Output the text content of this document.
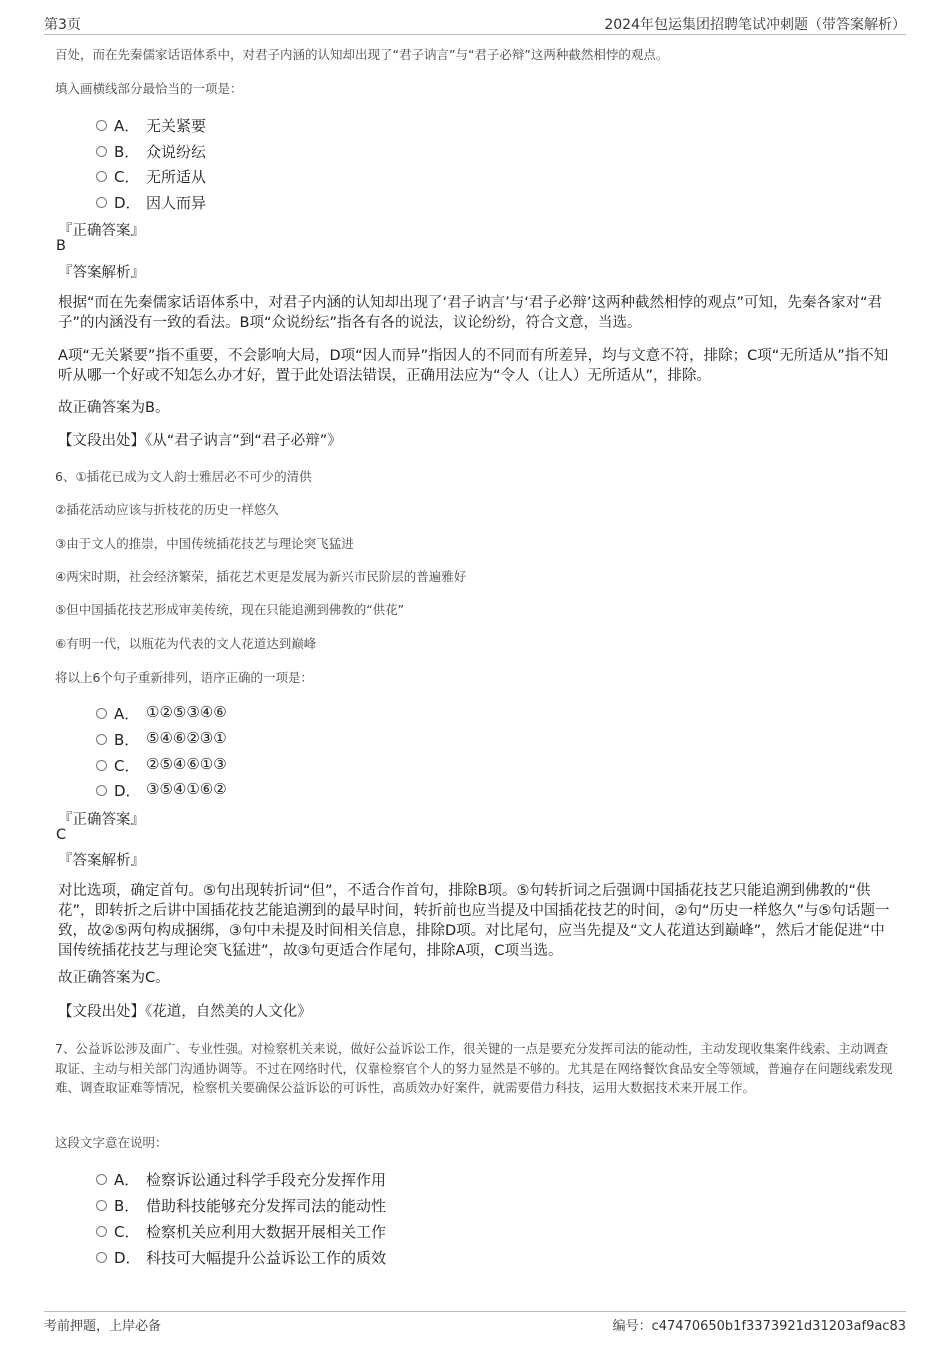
第3页	2024年包运集团招聘笔试冲刺题（带答案解析）

百处，而在先秦儒家话语体系中，对君子内涵的认知却出现了“君子讷言”与“君子必辩”这两种截然相悖的观点。

填入画横线部分最恰当的一项是：

A． 无关紧要
B． 众说纷纭
C． 无所适从
D． 因人而异

『正确答案』

B

『答案解析』

根据“而在先秦儒家话语体系中，对君子内涵的认知却出现了‘君子讷言’与‘君子必辩’这两种截然相悖的观点”可知，先秦各家对“君子”的内涵没有一致的看法。B项“众说纷纭”指各有各的说法，议论纷纷，符合文意，当选。

A项“无关紧要”指不重要，不会影响大局，D项“因人而异”指因人的不同而有所差异，均与文意不符，排除；C项“无所适从”指不知听从哪一个好或不知怎么办才好，置于此处语法错误，正确用法应为“令人（让人）无所适从”，排除。

故正确答案为B。

【文段出处】《从“君子讷言”到“君子必辩”》

6、①插花已成为文人韵士雅居必不可少的清供

②插花活动应该与折枝花的历史一样悠久

③由于文人的推崇，中国传统插花技艺与理论突飞猛进

④两宋时期，社会经济繁荣，插花艺术更是发展为新兴市民阶层的普遍雅好

⑤但中国插花技艺形成审美传统，现在只能追溯到佛教的“供花”

⑥有明一代，以瓶花为代表的文人花道达到巅峰

将以上6个句子重新排列，语序正确的一项是：

A． ①②⑤③④⑥
B． ⑤④⑥②③①
C． ②⑤④⑥①③
D． ③⑤④①⑥②

『正确答案』

C

『答案解析』

对比选项，确定首句。⑤句出现转折词“但”，不适合作首句，排除B项。⑤句转折词之后强调中国插花技艺只能追溯到佛教的“供花”，即转折之后讲中国插花技艺能追溯到的最早时间，转折前也应当提及中国插花技艺的时间，②句“历史一样悠久”与⑤句话题一致，故②⑤两句构成捆绑，③句中未提及时间相关信息，排除D项。对比尾句，应当先提及“文人花道达到巅峰”，然后才能促进“中国传统插花技艺与理论突飞猛进”，故③句更适合作尾句，排除A项，C项当选。

故正确答案为C。

【文段出处】《花道，自然美的人文化》

7、公益诉讼涉及面广、专业性强。对检察机关来说，做好公益诉讼工作，很关键的一点是要充分发挥司法的能动性，主动发现收集案件线索、主动调查取证、主动与相关部门沟通协调等。不过在网络时代，仅靠检察官个人的努力显然是不够的。尤其是在网络餐饮食品安全等领域，普遍存在问题线索发现难、调查取证难等情况，检察机关要确保公益诉讼的可诉性，高质效办好案件，就需要借力科技，运用大数据技术来开展工作。

这段文字意在说明：

A． 检察诉讼通过科学手段充分发挥作用
B． 借助科技能够充分发挥司法的能动性
C． 检察机关应利用大数据开展相关工作
D． 科技可大幅提升公益诉讼工作的质效
考前押题，上岸必备	编号：c47470650b1f3373921d31203af9ac83
